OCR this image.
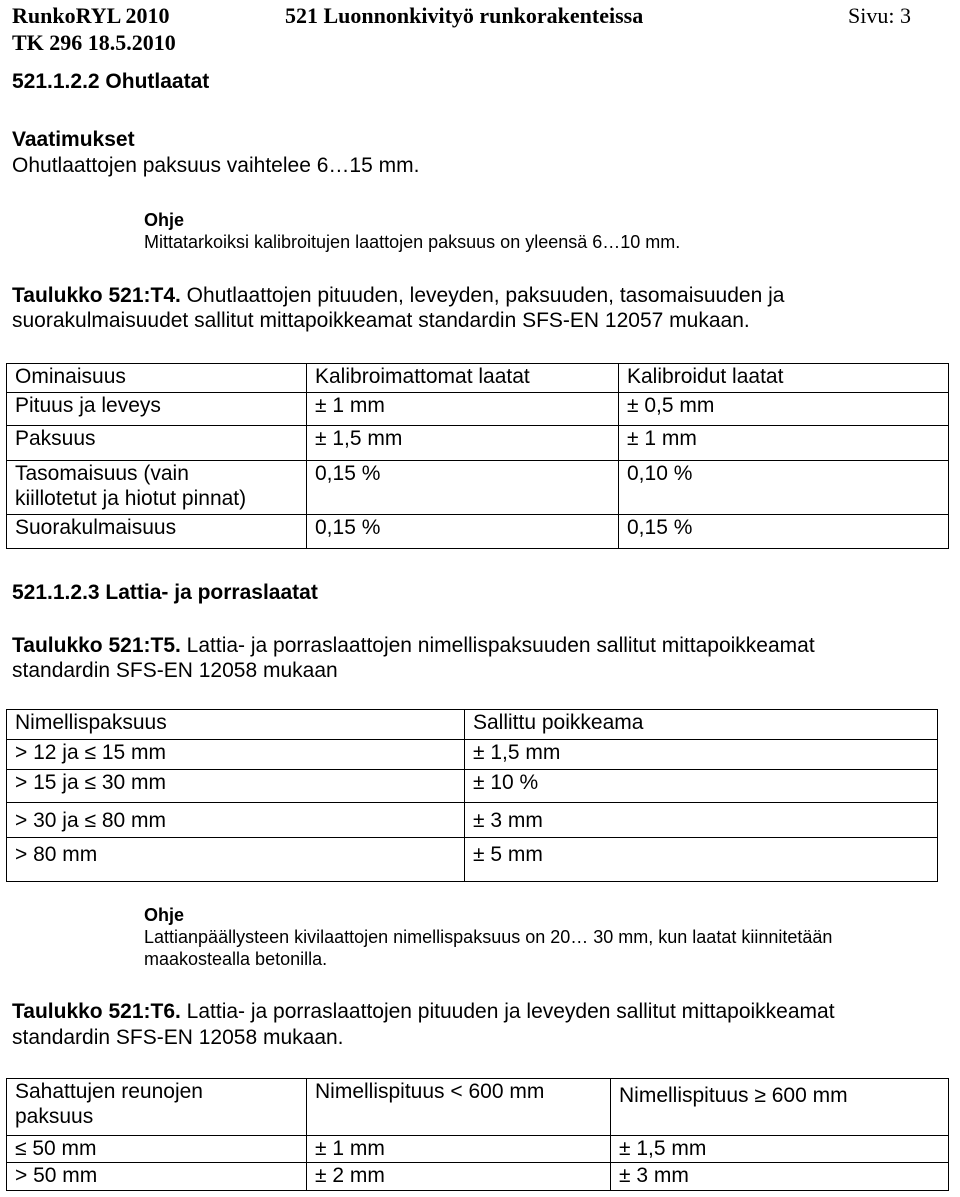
RunkoRYL 2010
TK 296 18.5.2010
521 Luonnonkivityö runkorakenteissa	Sivu: 3
521.1.2.2 Ohutlaatat
Vaatimukset
Ohutlaattojen paksuus vaihtelee 6…15 mm.
Ohje
Mittatarkoiksi kalibroitujen laattojen paksuus on yleensä 6…10 mm.
Taulukko 521:T4. Ohutlaattojen pituuden, leveyden, paksuuden, tasomaisuuden ja
suorakulmaisuudet sallitut mittapoikkeamat standardin SFS-EN 12057 mukaan.
Ominaisuus	Kalibroimattomat laatat	Kalibroidut laatat
Pituus ja leveys	± 1 mm	± 0,5 mm
Paksuus	± 1,5 mm	± 1 mm
Tasomaisuus (vain kiillotetut ja hiotut pinnat)	0,15 %	0,10 %
Suorakulmaisuus	0,15 %	0,15 %
521.1.2.3 Lattia- ja porraslaatat
Taulukko 521:T5. Lattia- ja porraslaattojen nimellispaksuuden sallitut mittapoikkeamat
standardin SFS-EN 12058 mukaan
Nimellispaksuus	Sallittu poikkeama
> 12 ja ≤ 15 mm	± 1,5 mm
> 15 ja ≤ 30 mm	± 10 %
> 30 ja ≤ 80 mm	± 3 mm
> 80 mm	± 5 mm
Ohje
Lattianpäällysteen kivilaattojen nimellispaksuus on 20… 30 mm, kun laatat kiinnitetään
maakostealla betonilla.
Taulukko 521:T6. Lattia- ja porraslaattojen pituuden ja leveyden sallitut mittapoikkeamat
standardin SFS-EN 12058 mukaan.
Sahattujen reunojen paksuus	Nimellispituus < 600 mm	Nimellispituus ≥ 600 mm
≤ 50 mm	± 1 mm	± 1,5 mm
> 50 mm	± 2 mm	± 3 mm
